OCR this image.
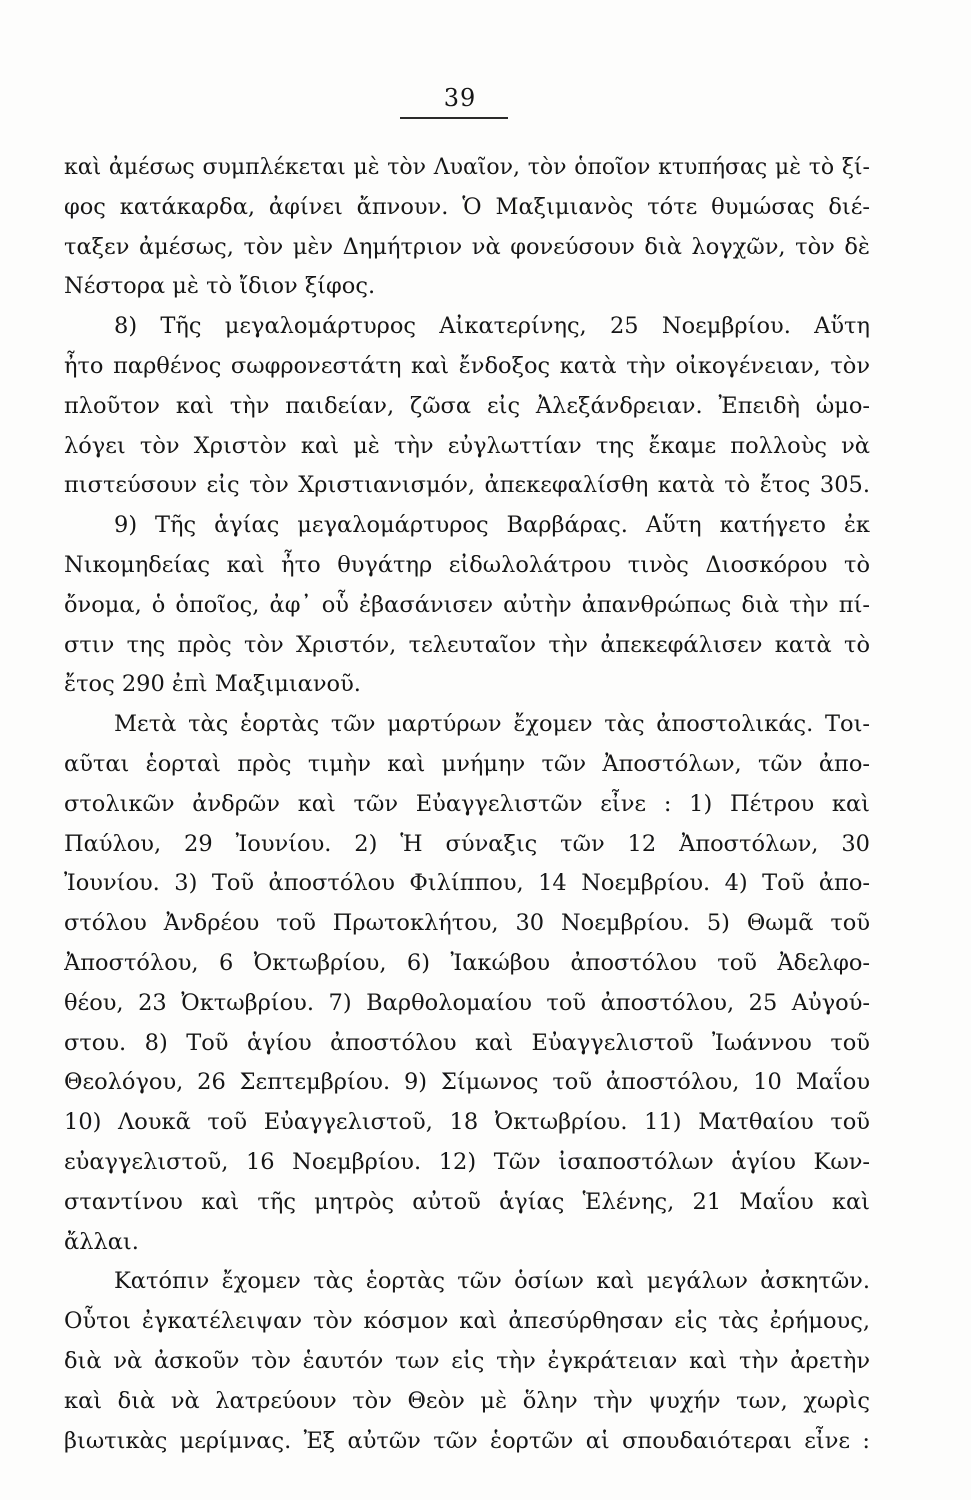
39
καὶ ἀμέσως συμπλέκεται μὲ τὸν Λυαῖον, τὸν ὁποῖον κτυπήσας μὲ τὸ ξί-
φος κατάκαρδα, ἀφίνει ἄπνουν. Ὁ Μαξιμιανὸς τότε θυμώσας διέ-
ταξεν ἀμέσως, τὸν μὲν Δημήτριον νὰ φονεύσουν διὰ λογχῶν, τὸν δὲ
Νέστορα μὲ τὸ ἴδιον ξίφος.
8) Τῆς μεγαλομάρτυρος Αἰκατερίνης, 25 Νοεμβρίου. Αὕτη
ἦτο παρθένος σωφρονεστάτη καὶ ἔνδοξος κατὰ τὴν οἰκογένειαν, τὸν
πλοῦτον καὶ τὴν παιδείαν, ζῶσα εἰς Ἀλεξάνδρειαν. Ἐπειδὴ ὡμο-
λόγει τὸν Χριστὸν καὶ μὲ τὴν εὐγλωττίαν της ἔκαμε πολλοὺς νὰ
πιστεύσουν εἰς τὸν Χριστιανισμόν, ἀπεκεφαλίσθη κατὰ τὸ ἔτος 305.
9) Τῆς ἁγίας μεγαλομάρτυρος Βαρβάρας. Αὕτη κατήγετο ἐκ
Νικομηδείας καὶ ἦτο θυγάτηρ εἰδωλολάτρου τινὸς Διοσκόρου τὸ
ὄνομα, ὁ ὁποῖος, ἀφ᾽ οὗ ἐβασάνισεν αὐτὴν ἀπανθρώπως διὰ τὴν πί-
στιν της πρὸς τὸν Χριστόν, τελευταῖον τὴν ἀπεκεφάλισεν κατὰ τὸ
ἔτος 290 ἐπὶ Μαξιμιανοῦ.
Μετὰ τὰς ἑορτὰς τῶν μαρτύρων ἔχομεν τὰς ἀποστολικάς. Τοι-
αῦται ἑορταὶ πρὸς τιμὴν καὶ μνήμην τῶν Ἀποστόλων, τῶν ἀπο-
στολικῶν ἀνδρῶν καὶ τῶν Εὐαγγελιστῶν εἶνε : 1) Πέτρου καὶ
Παύλου, 29 Ἰουνίου. 2) Ἡ σύναξις τῶν 12 Ἀποστόλων, 30
Ἰουνίου. 3) Τοῦ ἀποστόλου Φιλίππου, 14 Νοεμβρίου. 4) Τοῦ ἀπο-
στόλου Ἀνδρέου τοῦ Πρωτοκλήτου, 30 Νοεμβρίου. 5) Θωμᾶ τοῦ
Ἀποστόλου, 6 Ὀκτωβρίου, 6) Ἰακώβου ἀποστόλου τοῦ Ἀδελφο-
θέου, 23 Ὀκτωβρίου. 7) Βαρθολομαίου τοῦ ἀποστόλου, 25 Αὐγού-
στου. 8) Τοῦ ἁγίου ἀποστόλου καὶ Εὐαγγελιστοῦ Ἰωάννου τοῦ
Θεολόγου, 26 Σεπτεμβρίου. 9) Σίμωνος τοῦ ἀποστόλου, 10 Μαΐου
10) Λουκᾶ τοῦ Εὐαγγελιστοῦ, 18 Ὀκτωβρίου. 11) Ματθαίου τοῦ
εὐαγγελιστοῦ, 16 Νοεμβρίου. 12) Τῶν ἰσαποστόλων ἁγίου Κων-
σταντίνου καὶ τῆς μητρὸς αὐτοῦ ἁγίας Ἑλένης, 21 Μαΐου καὶ
ἄλλαι.
Κατόπιν ἔχομεν τὰς ἑορτὰς τῶν ὁσίων καὶ μεγάλων ἀσκητῶν.
Οὗτοι ἐγκατέλειψαν τὸν κόσμον καὶ ἀπεσύρθησαν εἰς τὰς ἐρήμους,
διὰ νὰ ἀσκοῦν τὸν ἑαυτόν των εἰς τὴν ἐγκράτειαν καὶ τὴν ἀρετὴν
καὶ διὰ νὰ λατρεύουν τὸν Θεὸν μὲ ὅλην τὴν ψυχήν των, χωρὶς
βιωτικὰς μερίμνας. Ἐξ αὐτῶν τῶν ἑορτῶν αἱ σπουδαιότεραι εἶνε :
